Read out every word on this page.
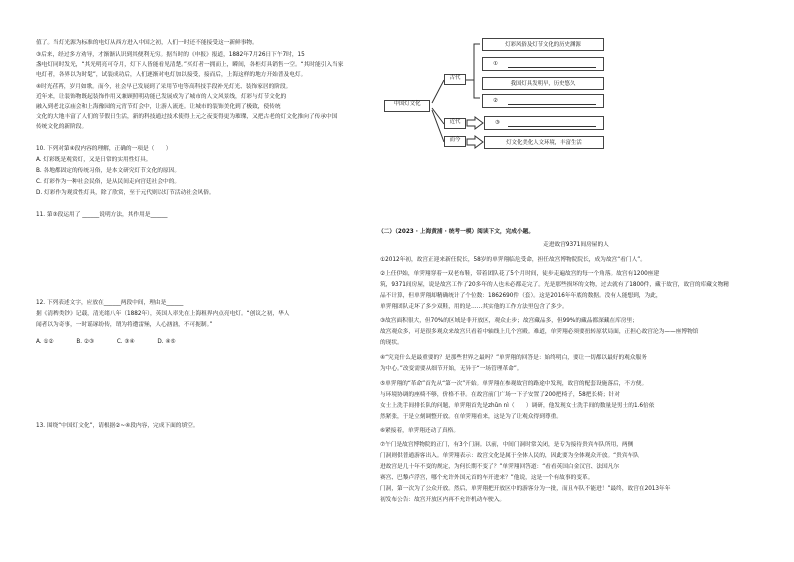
值了。当灯光源为标准的电灯从西方进入中国之初，人们一时还不能接受这一新鲜事物。
③后来，经过多方劝导，才渐渐认识到其便利无穷。据当时的《申报》报道，1882年7月26日下午7时，15
盏电灯同时发光，“其光明亮可夺月，灯下人皆能看见清楚。”买灯者一拥而上，瞬间，各柜灯具销售一空。“其时能引入当家
电灯者，各界以为时髦”，试装成功后，人们逐渐对电灯加以接受，接而后，上海这样的地方开始普及电灯。
④时光荏苒，岁月如歌。而今，社会早已发展到了采用节电等高科技手段补光灯光、装饰家居的阶段。
近年来，让装饰物既起装饰作用又兼顾照明功能已发展成为了城市的人文风景线，灯彩与灯节文化的
融入到老北京庙会和上海豫园的元宵节灯会中，让游人流连。让城市的装饰美化到了极致，使传统
文化的大地丰富了人们的节假日生活，新的科技通过技术使得上元之夜变得更为璀璨，又把古老的灯文化推向了传承中国
传统文化的新阶段。
10. 下列对第④段内容的理解，正确的一项是（　　）
A. 灯彩既是观赏灯，又是日常的实用性灯具。
B. 各地都固定的传统习俗，是本文研究灯节文化的原因。
C. 灯彩作为一种社会民俗，是从民间走向宫廷社会中的。
D. 灯彩作为观赏性灯具，除了欣赏，至于元代则以灯节活动社会风俗。
11. 第③段运用了 ______说明方法，其作用是______
12. 下列表述文字，应放在______两段中间，理由是______
据《清稗类钞》记载，清光绪八年（1882年），英国人率先在上海租界内点亮电灯。“创议之初，华人
闻者以为奇事，一时谣诼纷传，谓为将遭雷殛，人心汹汹，不可扼制。”
A. ①②　　　　B. ②③　　　　C. ③④　　　　D. ④⑤
13. 围绕“中国灯文化”，请根据②~④段内容，完成下面的填空。
中国灯文化
古代
近代
而今
灯彩风俗及灯节文化的历史渊源
①
我国灯具发明早，历史悠久
②
③
灯文化美化人文环境，丰富生活
（二）（2023 · 上海黄浦 · 统考一模）阅读下文，完成小题。
走进故宫9371间房屋的人
①2012年初，故宫正迎来新任院长，58岁的单霁翔临危受命，担任故宫博物院院长，成为故宫“看门人”。
②上任伊始，单霁翔穿着一双老布鞋，带着团队花了5个月时间，徒步走遍故宫的每一个角落。故宫有1200座建
筑，9371间房屋，说是故宫工作了20多年的人也未必都走完了。光是那些损坏的文物，过去就有了1800件，藏于故宫，故宫的库藏文物精
品不计算，但单霁翔却精确统计了个位数：1862690件（套）。这是2016年年底的数据。没有人能想到，为此，
单霁翔团队走坏了多少双鞋，用的是……其实他的工作方法里包含了多少。
③故宫面积很大，但70%的区域是非开放区，观众止步；故宫藏品多，但99%的藏品都深藏在库房里；
故宫观众多，可是很多观众来故宫只看着中轴线上几个宫殿。难道，单霁翔必须要扭转原状局面，正担心故宫沦为——座博物馆
的现状。
④“究竟什么是最重要的？是那些世界之最吗？”单霁翔的回答是：始终明白，要让一切都以最好的观众服务
为中心。”改变需要从细节开始，无异于“一场管理革命”。
⑤单霁翔的“革命”首先从“第一次”开始。单霁翔在参观故宫的路途中发现，故宫的配套设施落后，不方便。
与环境协调的座椅不够，价格不菲。在故宫前门广场一下子安置了200把椅子，58把长椅；针对
女士上洗手间排长队的问题，单霁翔首先是zhǔn nì（　　）调研，他发现女士洗手间的数量是男士的1.6倍依
然紧张，于是立刻调整开放。在单霁翔看来，这是为了让观众得到尊重。
⑥紧接着，单霁翔还动了真格。
⑦午门是故宫博物院的正门，有3个门洞。以前，中间门洞时常关闭，是专为接待贵宾车队所用，两侧
门洞则供普通游客出入。单霁翔表示：故宫文化是属于全体人民的，因此要为全体观众开放。“贵宾车队
进故宫是几十年不变的规定，为何长期不变了？”单霁翔回答道：“看看英国白金汉宫、法国凡尔
赛宫、巴黎卢浮宫，哪个允许外国元首的车开进来？”他说，这是一个有故事的变革。
门洞，第一次为了公众开放。然后，单霁翔把开放区中的游客分为一批，而且车队不能进！”最终，故宫在2013年年
初发布公告：故宫开放区内再不允许机动车驶入。
